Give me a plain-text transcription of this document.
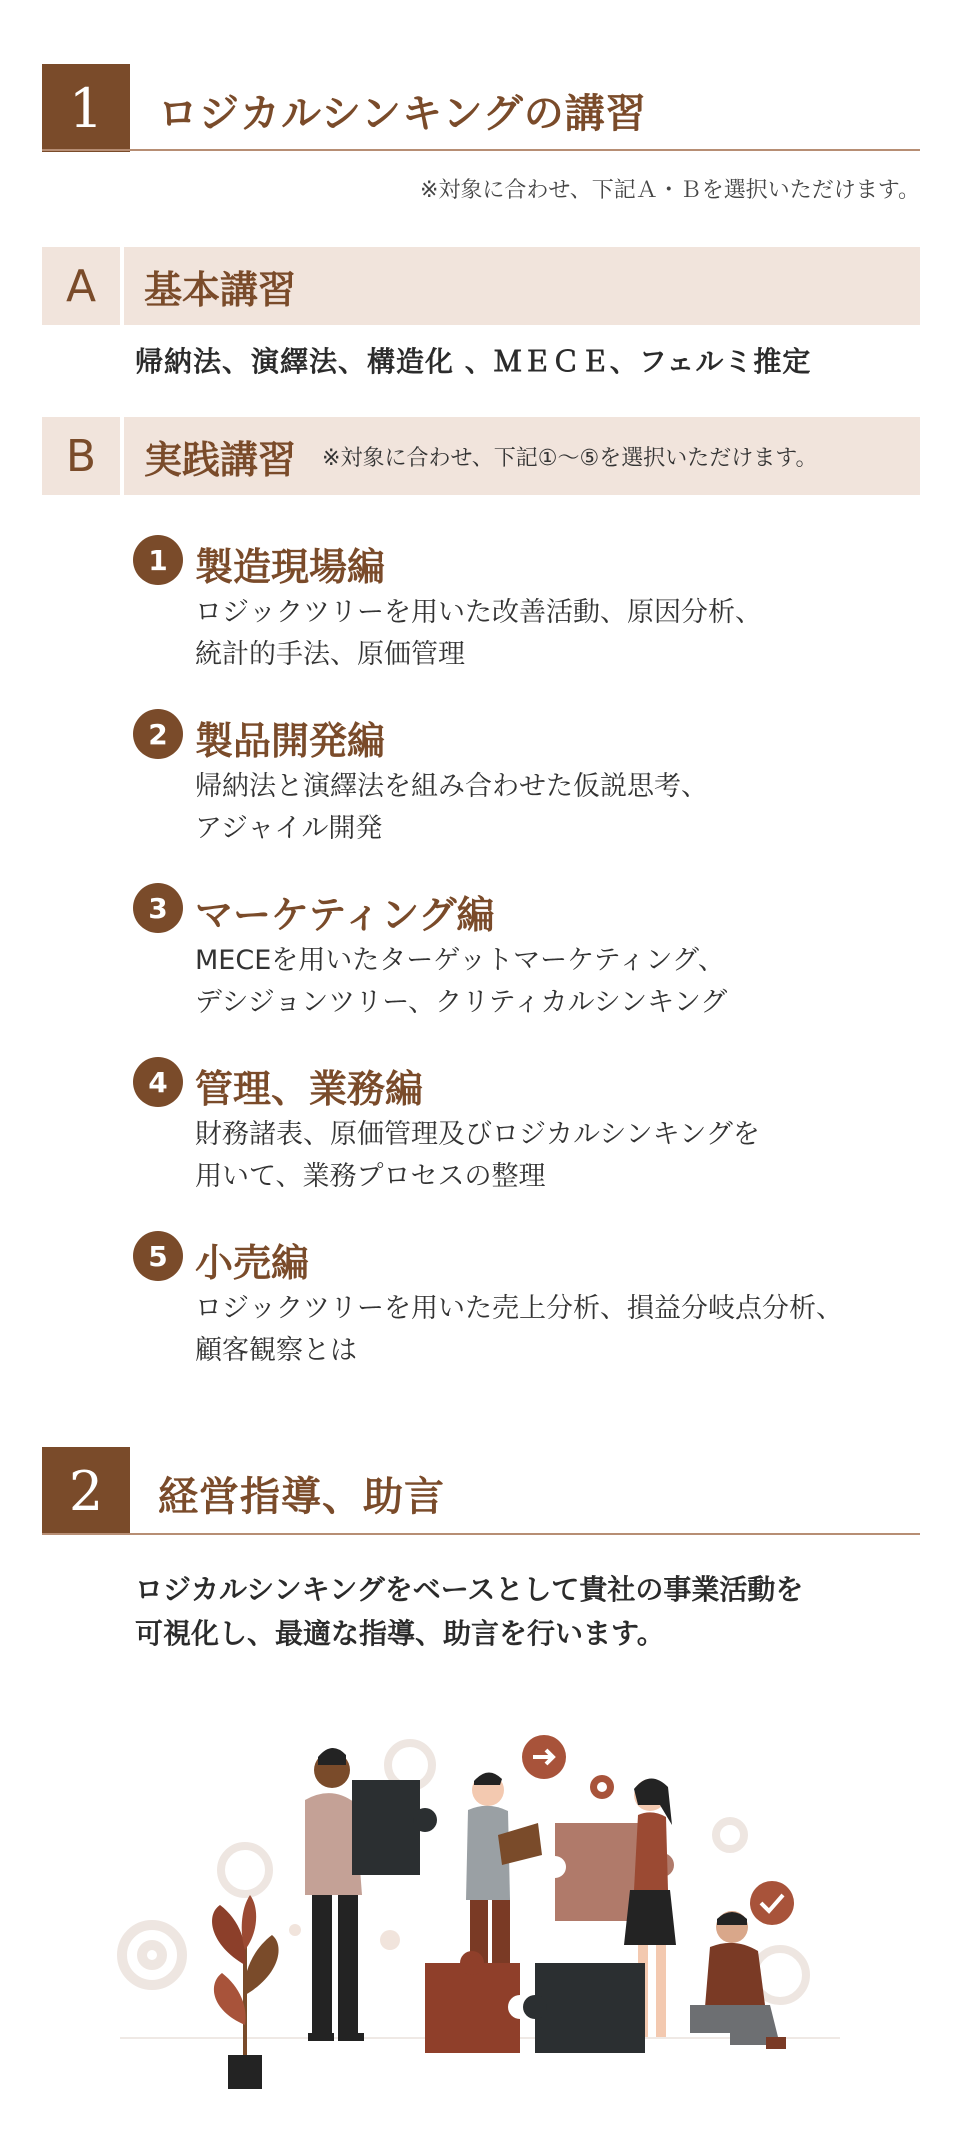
1	ロジカルシンキングの講習
※対象に合わせ、下記Ａ・Ｂを選択いただけます。
A	基本講習
帰納法、演繹法、構造化 、ＭＥＣＥ、フェルミ推定
B	実践講習 ※対象に合わせ、下記①～⑤を選択いただけます。
1 製造現場編
ロジックツリーを用いた改善活動、原因分析、
統計的手法、原価管理
2 製品開発編
帰納法と演繹法を組み合わせた仮説思考、
アジャイル開発
3 マーケティング編
MECEを用いたターゲットマーケティング、
デシジョンツリー、クリティカルシンキング
4 管理、業務編
財務諸表、原価管理及びロジカルシンキングを
用いて、業務プロセスの整理
5 小売編
ロジックツリーを用いた売上分析、損益分岐点分析、
顧客観察とは
2	経営指導、助言
ロジカルシンキングをベースとして貴社の事業活動を
可視化し、最適な指導、助言を行います。
